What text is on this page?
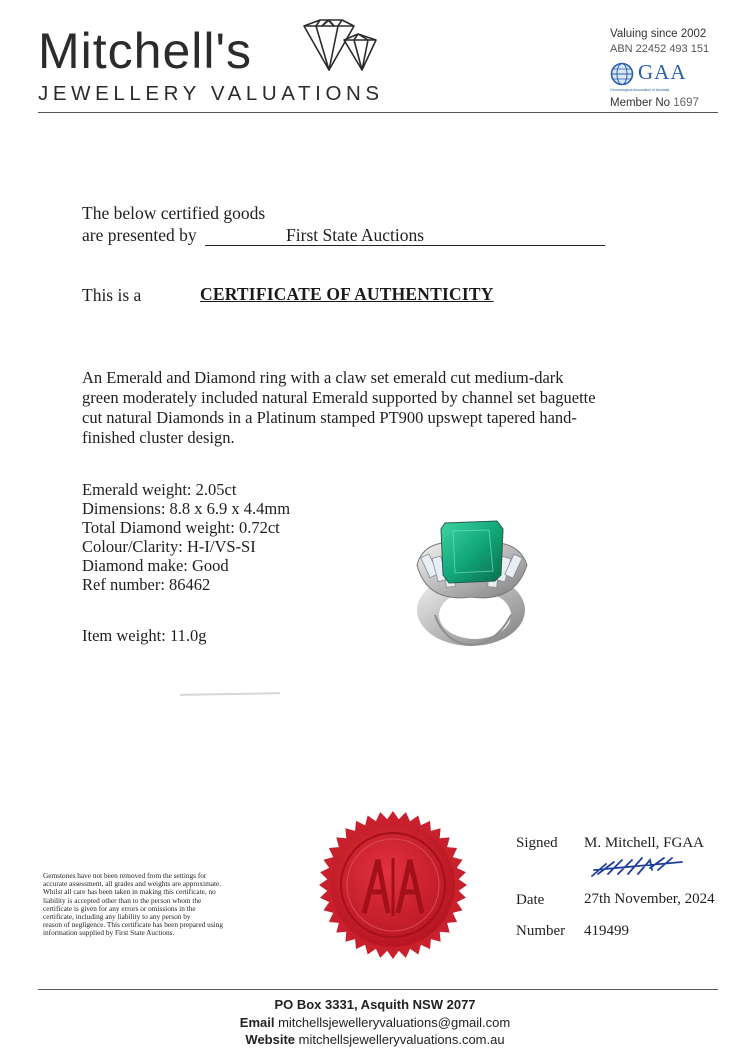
Mitchell's
JEWELLERY VALUATIONS
Valuing since 2002
ABN 22452 493 151
GAA
Gemmological Association of Australia
Member No 1697
The below certified goods
are presented by	First State Auctions
This is a	CERTIFICATE OF AUTHENTICITY
An Emerald and Diamond ring with a claw set emerald cut medium-dark
green moderately included natural Emerald supported by channel set baguette
cut natural Diamonds in a Platinum stamped PT900 upswept tapered hand-
finished cluster design.
Emerald weight: 2.05ct
Dimensions: 8.8 x 6.9 x 4.4mm
Total Diamond weight: 0.72ct
Colour/Clarity: H-I/VS-SI
Diamond make: Good
Ref number: 86462
Item weight: 11.0g
Gemstones have not been removed from the settings for
accurate assessment, all grades and weights are approximate.
Whilst all care has been taken in making this certificate, no
liability is accepted other than to the person whom the
certificate is given for any errors or omissions in the
certificate, including any liability to any person by
reason of negligence. This certificate has been prepared using
information supplied by First State Auctions.
Signed M. Mitchell, FGAA
Date	27th November, 2024
Number 419499
PO Box 3331, Asquith NSW 2077
Email mitchellsjewelleryvaluations@gmail.com
Website mitchellsjewelleryvaluations.com.au
